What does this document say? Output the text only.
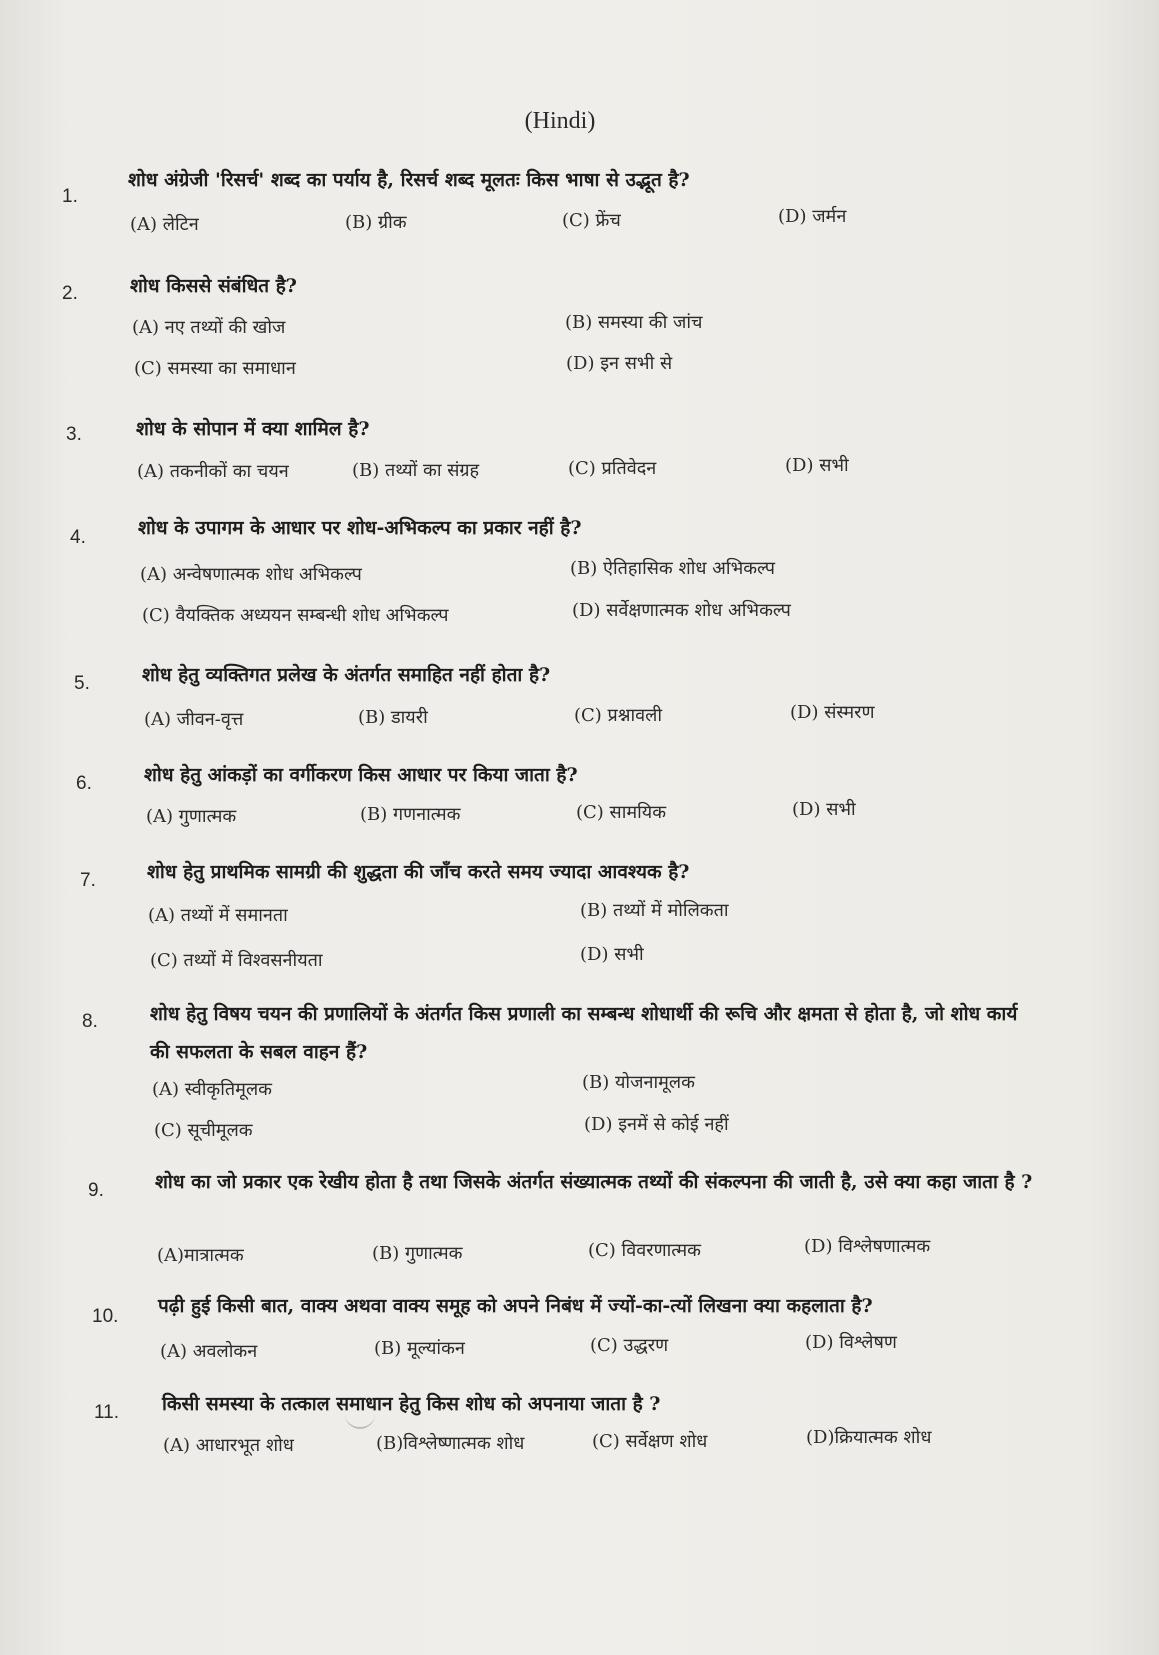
(Hindi)
1.
शोध अंग्रेजी 'रिसर्च' शब्द का पर्याय है, रिसर्च शब्द मूलतः किस भाषा से उद्भूत है?
(A) लेटिन	(B) ग्रीक	(C) फ्रेंच	(D) जर्मन
2.	शोध किससे संबंधित है?
(A) नए तथ्यों की खोज	(B) समस्या की जांच
(C) समस्या का समाधान	(D) इन सभी से
3.	शोध के सोपान में क्या शामिल है?
(A) तकनीकों का चयन	(B) तथ्यों का संग्रह	(C) प्रतिवेदन	(D) सभी
4.	शोध के उपागम के आधार पर शोध-अभिकल्प का प्रकार नहीं है?
(A) अन्वेषणात्मक शोध अभिकल्प	(B) ऐतिहासिक शोध अभिकल्प
(C) वैयक्तिक अध्ययन सम्बन्धी शोध अभिकल्प	(D) सर्वेक्षणात्मक शोध अभिकल्प
5.	शोध हेतु व्यक्तिगत प्रलेख के अंतर्गत समाहित नहीं होता है?
(A) जीवन-वृत्त	(B) डायरी	(C) प्रश्नावली	(D) संस्मरण
6.	शोध हेतु आंकड़ों का वर्गीकरण किस आधार पर किया जाता है?
(A) गुणात्मक	(B) गणनात्मक	(C) सामयिक	(D) सभी
7.	शोध हेतु प्राथमिक सामग्री की शुद्धता की जाँच करते समय ज्यादा आवश्यक है?
(A) तथ्यों में समानता	(B) तथ्यों में मोलिकता
(C) तथ्यों में विश्वसनीयता	(D) सभी
8.	शोध हेतु विषय चयन की प्रणालियों के अंतर्गत किस प्रणाली का सम्बन्ध शोधार्थी की रूचि और क्षमता से होता है, जो शोध कार्य की सफलता के सबल वाहन हैं?
(A) स्वीकृतिमूलक	(B) योजनामूलक
(C) सूचीमूलक	(D) इनमें से कोई नहीं
9.	शोध का जो प्रकार एक रेखीय होता है तथा जिसके अंतर्गत संख्यात्मक तथ्यों की संकल्पना की जाती है, उसे क्या कहा जाता है ?
(A)मात्रात्मक	(B) गुणात्मक	(C) विवरणात्मक	(D) विश्लेषणात्मक
10. पढ़ी हुई किसी बात, वाक्य अथवा वाक्य समूह को अपने निबंध में ज्यों-का-त्यों लिखना क्या कहलाता है?
(A) अवलोकन	(B) मूल्यांकन	(C) उद्धरण	(D) विश्लेषण
11. किसी समस्या के तत्काल समाधान हेतु किस शोध को अपनाया जाता है ?
(A) आधारभूत शोध	(B)विश्लेष्णात्मक शोध	(C) सर्वेक्षण शोध	(D)क्रियात्मक शोध
